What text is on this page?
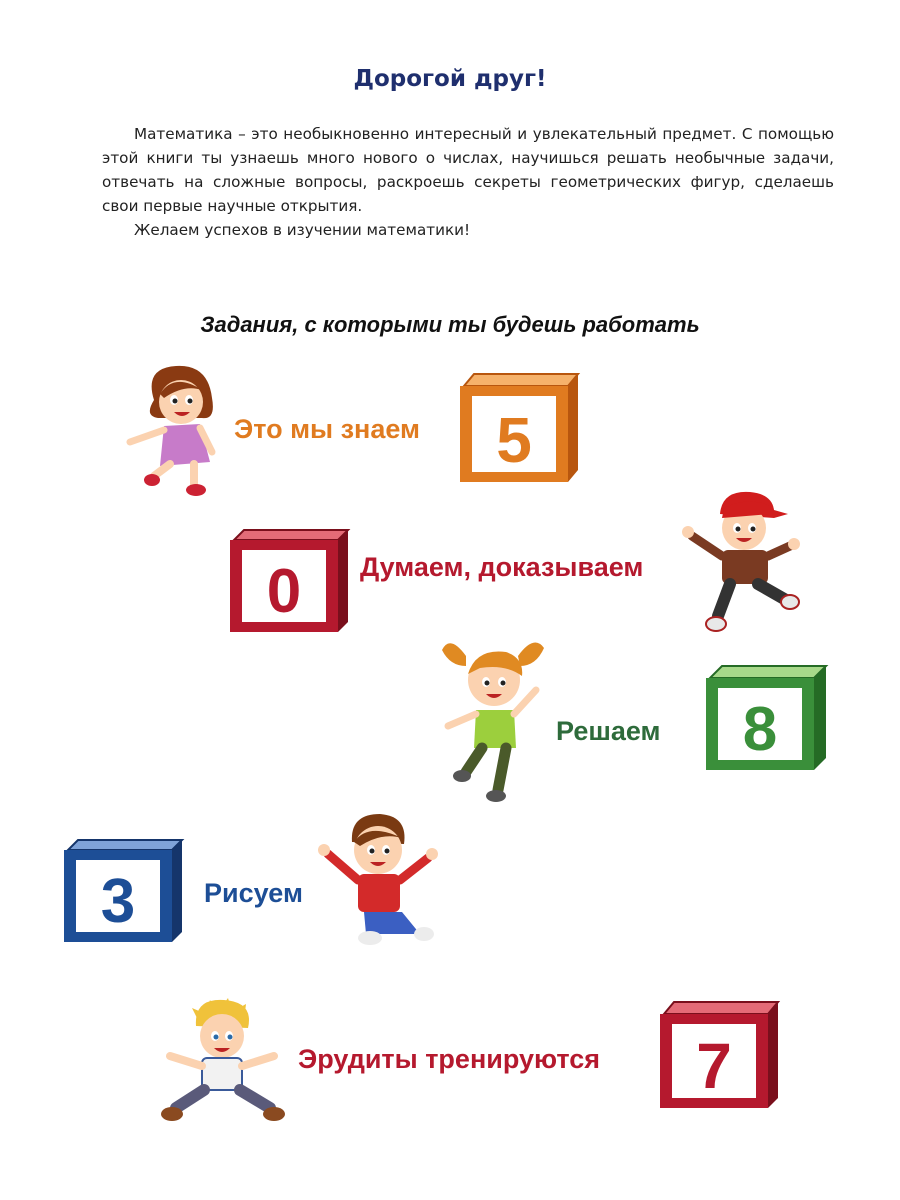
Дорогой друг!

Математика – это необыкновенно интересный и увлекательный предмет. С помощью этой книги ты узнаешь много нового о числах, научишься решать необычные задачи, отвечать на сложные вопросы, раскроешь секреты геометрических фигур, сделаешь свои первые научные открытия.

Желаем успехов в изучении математики!

Задания, с которыми ты будешь работать
Это мы знаем 5
0 Думаем, доказываем
Решаем 8
3	Рисуем
Эрудиты тренируются 7
